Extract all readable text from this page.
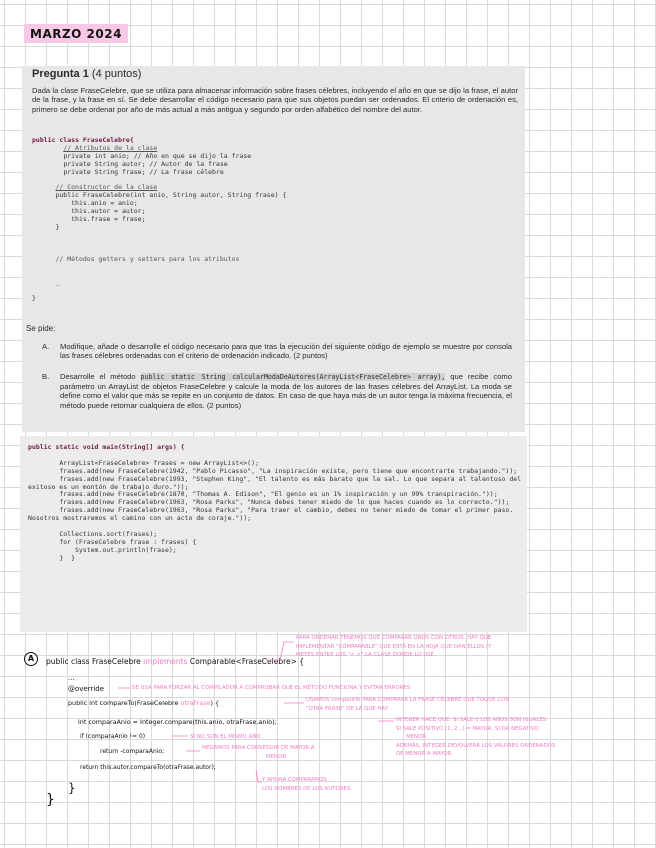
MARZO 2024
Pregunta 1 (4 puntos)
Dada la clase FraseCelebre, que se utiliza para almacenar información sobre frases célebres, incluyendo el año en que se dijo la frase, el autor de la frase, y la frase en sí. Se debe desarrollar el código necesario para que sus objetos puedan ser ordenados. El criterio de ordenación es, primero se debe ordenar por año de más actual a más antigua y segundo por orden alfabético del nombre del autor.
public class FraseCelebre{
// Atributos de la clase
private int anio; // Año en que se dijo la frase
private String autor; // Autor de la frase
private String frase; // La frase célebre

// Constructor de la clase
public FraseCelebre(int anio, String autor, String frase) {
this.anio = anio;
this.autor = autor;
this.frase = frase;
}

// Métodos getters y setters para los atributos

_

}
Se pide:
A. Modifique, añade o desarrolle el código necesario para que tras la ejecución del siguiente código de ejemplo se muestre por consola las frases célebres ordenadas con el criterio de ordenación indicado. (2 puntos)
B. Desarrolle el método public static String calcularModaDeAutores(ArrayList<FraseCelebre> array), que recibe como parámetro un ArrayList de objetos FraseCelebre y calcule la moda de los autores de las frases célebres del ArrayList. La moda se define como el valor que más se repite en un conjunto de datos. En caso de que haya más de un autor tenga la máxima frecuencia, el método puede retornar cualquiera de ellos. (2 puntos)
public static void main(String[] args) {

ArrayList<FraseCelebre> frases = new ArrayList<>();
frases.add(new FraseCelebre(1942, "Pablo Picasso", "La inspiración existe, pero tiene que encontrarte trabajando."));
frases.add(new FraseCelebre(1993, "Stephen King", "El talento es más barato que la sal. Lo que separa al talentoso del exitoso es un montón de trabajo duro."));
frases.add(new FraseCelebre(1870, "Thomas A. Edison", "El genio es un 1% inspiración y un 99% transpiración."));
frases.add(new FraseCelebre(1963, "Rosa Parks", "Nunca debes tener miedo de lo que haces cuando es lo correcto."));
frases.add(new FraseCelebre(1963, "Rosa Parks", "Para traer el cambio, debes no tener miedo de tomar el primer paso. Nosotros mostraremos el camino con un acto de coraje."));

Collections.sort(frases);
for (FraseCelebre frase : frases) {
System.out.println(frase);
} }
A	public class FraseCelebre implements Comparable<FraseCelebre> {
...
@override
public int compareTo(FraseCelebre otraFrase) {
int comparaAnio = Integer.compare(this.anio, otraFrase.anio);
if (comparaAnio != 0)
return -comparaAnio;
return this.autor.compareTo(otraFrase.autor);
}
}
PARA ORDENAR TENEMOS QUE COMPARAR UNOS CON OTROS. HAY QUE
IMPLEMENTAR "COMPARABLE" QUE ESTÁ EN LA HOJA QUE DAN ELLOS (Y
METES ENTRE LOS "< >" LA CLASE DONDE LO USE
SE USA PARA FORZAR AL COMPILADOR A COMPROBAR QUE EL MÉTODO FUNCIONA Y EVITAR ERRORES
USAMOS compareTo PARA COMPARAR LA FRASE CÉLEBRE QUE TOQUE CON
"OTRA FRASE" DE LA QUE HAY
INTEGER HACE QUE: SI SALE 0 LOS AÑOS SON IGUALES
SI SALE POSITIVO (1, 2...) = MAYOR, SI DA NEGATIVO
MENOR
ADEMÁS, INTEGER DEVOLVERÁ LOS VALORES ORDENADOS
DE MENOR A MAYOR
SI NO SON EL MISMO AÑO
NEGAMOS PARA CONSEGUIR DE MAYOR A
MENOR
Y AHORA COMPARAMOS
LOS NOMBRES DE LOS AUTORES
